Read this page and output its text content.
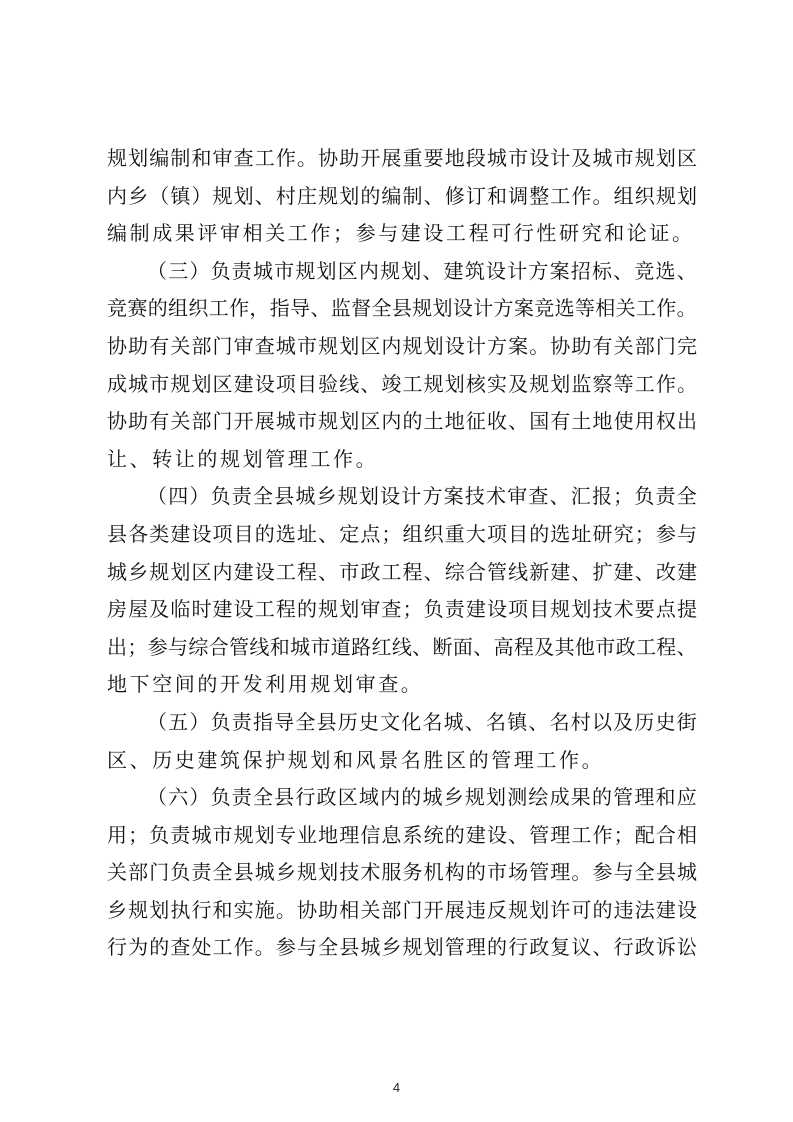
规 划 编 制 和 审 查 工 作 。 协 助 开 展 重 要 地 段 城 市 设 计 及 城 市 规 划 区
内 乡 （ 镇 ） 规 划 、 村 庄 规 划 的 编 制 、 修 订 和 调 整 工 作 。 组 织 规 划
编制成果评审相关工作；参与建设工程可行性研究和论证。
（ 三 ） 负 责 城 市 规 划 区 内 规 划 、 建 筑 设 计 方 案 招 标 、 竞 选 、
竞 赛 的 组 织 工 作 ， 指 导 、 监 督 全 县 规 划 设 计 方 案 竞 选 等 相 关 工 作 。
协 助 有 关 部 门 审 查 城 市 规 划 区 内 规 划 设 计 方 案 。 协 助 有 关 部 门 完
成 城 市 规 划 区 建 设 项 目 验 线 、 竣 工 规 划 核 实 及 规 划 监 察 等 工 作 。
协 助 有 关 部 门 开 展 城 市 规 划 区 内 的 土 地 征 收 、 国 有 土 地 使 用 权 出
让、转让的规划管理工作。
（ 四 ） 负 责 全 县 城 乡 规 划 设 计 方 案 技 术 审 查 、 汇 报 ； 负 责 全
县 各 类 建 设 项 目 的 选 址 、 定 点 ； 组 织 重 大 项 目 的 选 址 研 究 ； 参 与
城 乡 规 划 区 内 建 设 工 程 、 市 政 工 程 、 综 合 管 线 新 建 、 扩 建 、 改 建
房 屋 及 临 时 建 设 工 程 的 规 划 审 查 ； 负 责 建 设 项 目 规 划 技 术 要 点 提
出 ； 参 与 综 合 管 线 和 城 市 道 路 红 线 、 断 面 、 高 程 及 其 他 市 政 工 程 、
地下空间的开发利用规划审查。
（ 五 ） 负 责 指 导 全 县 历 史 文 化 名 城 、 名 镇 、 名 村 以 及 历 史 街
区、历史建筑保护规划和风景名胜区的管理工作。
（ 六 ） 负 责 全 县 行 政 区 域 内 的 城 乡 规 划 测 绘 成 果 的 管 理 和 应
用 ； 负 责 城 市 规 划 专 业 地 理 信 息 系 统 的 建 设 、 管 理 工 作 ； 配 合 相
关 部 门 负 责 全 县 城 乡 规 划 技 术 服 务 机 构 的 市 场 管 理 。 参 与 全 县 城
乡 规 划 执 行 和 实 施 。 协 助 相 关 部 门 开 展 违 反 规 划 许 可 的 违 法 建 设
行 为 的 查 处 工 作 。 参 与 全 县 城 乡 规 划 管 理 的 行 政 复 议 、 行 政 诉 讼
4
